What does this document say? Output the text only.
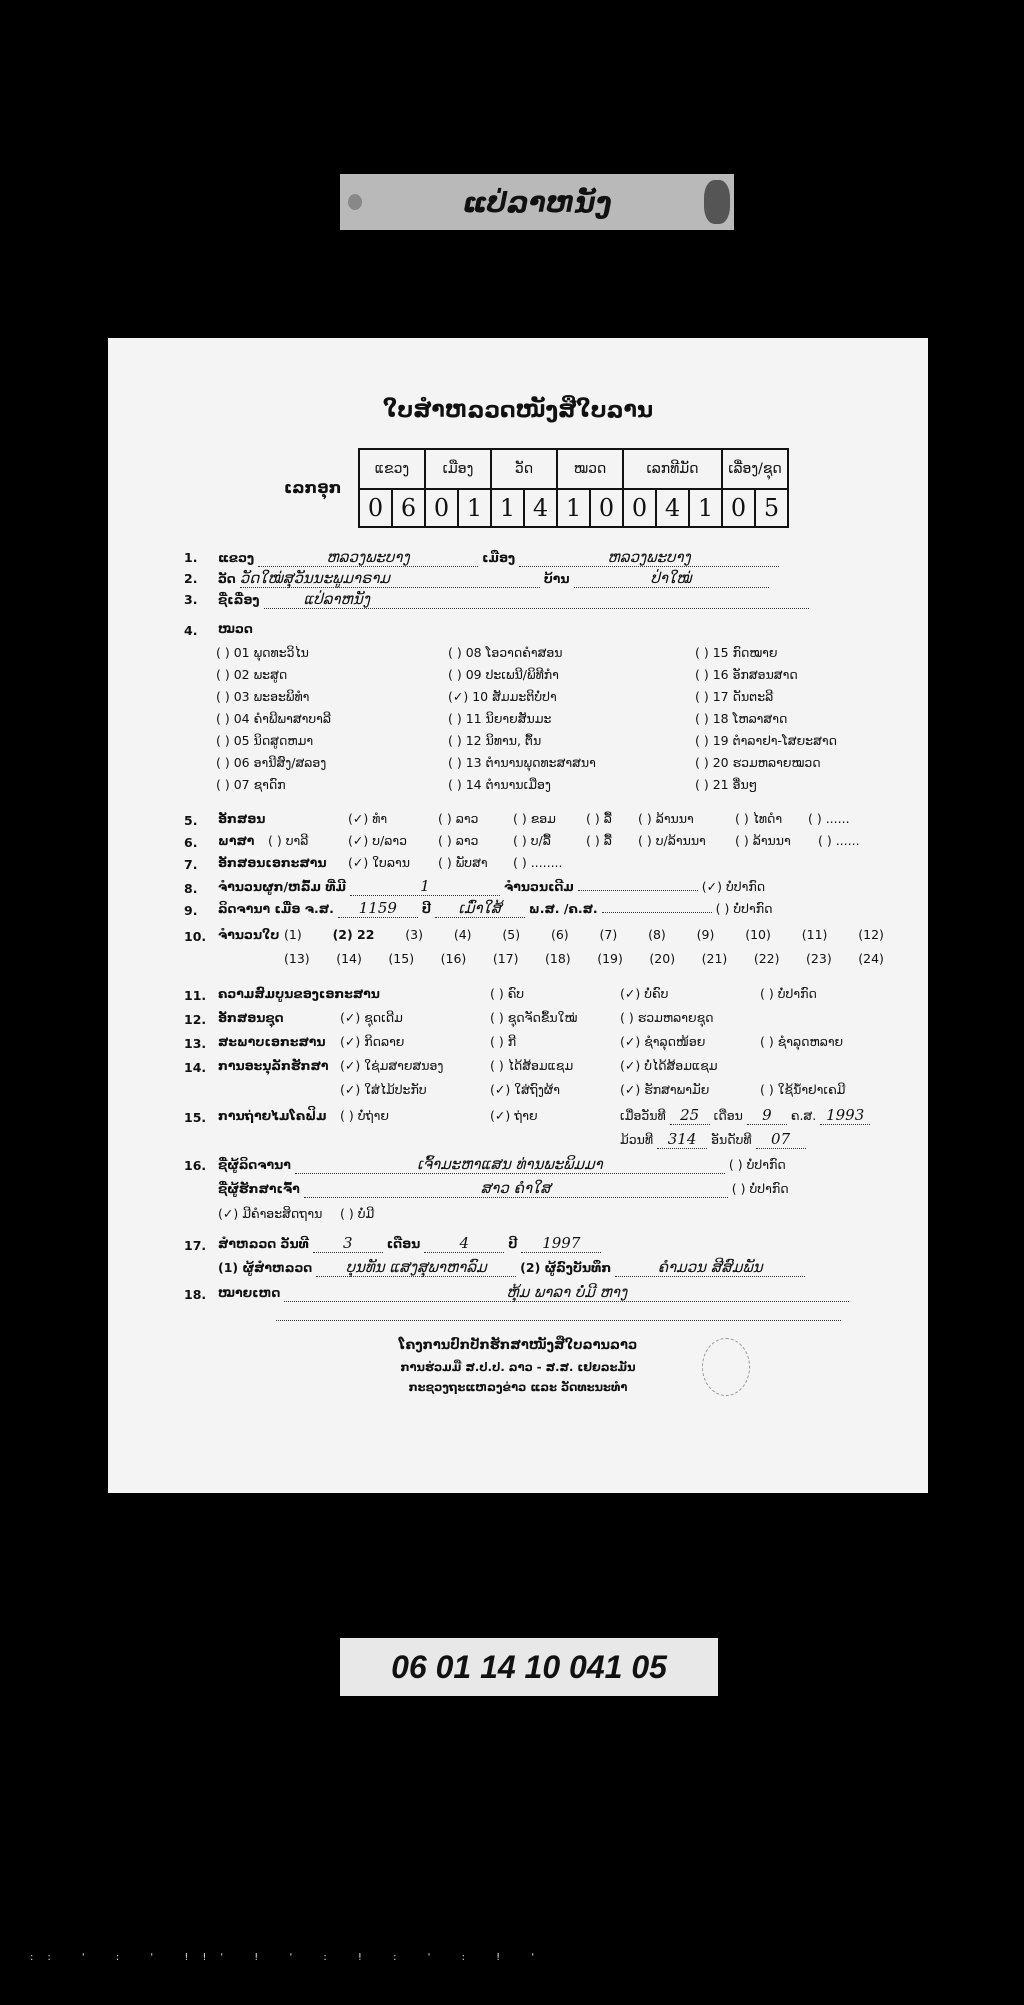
ແປ່ລາຫນັງ
ໃບສຳຫລວດໜັງສືໃບລານ
ເລກອຸກ
ແຂວງ		ເມືອງ		ວັດ		ໝວດ		ເລກທີມັດ			ເລື່ອງ/ຊຸດ	
0	6	0	1	1	4	1	0	0	4	1	0	5
1. ແຂວງ	ຫລວງພະບາງ	ເມືອງ	ຫລວງພະບາງ
2. ວັດ ວັດໃໝ່ສຸວັນນະພູມາຣາມ	ບ້ານ	ປ່າໃໝ່
3. ຊື່ເລື່ອງ	ແປ່ລາຫນັງ
4. ໝວດ
( ) 01 ພຸດທະວິໄນ	( ) 08 ໂອວາດຄຳສອນ	( ) 15 ກົດໝາຍ
( ) 02 ພະສູດ	( ) 09 ປະເພນີ/ພິທີກຳ	( ) 16 ອັກສອນສາດ
( ) 03 ພະອະພິທຳ	(✓) 10 ສັມມະຕິບໍ່ປາ	( ) 17 ດັນຕະລີ
( ) 04 ຄຳພີພາສາບາລີ	( ) 11 ນິຍາຍສັນມະ	( ) 18 ໂຫລາສາດ
( ) 05 ນິດສູດຫມາ	( ) 12 ນິທານ, ຕຶ້ນ	( ) 19 ຕຳລາຢາ-ໂສຍະສາດ
( ) 06 ອານີສົງ/ສລອງ	( ) 13 ຕຳນານພຸດທະສາສນາ	( ) 20 ຮວມຫລາຍໝວດ
( ) 07 ຊາດົກ	( ) 14 ຕຳນານເມືອງ	( ) 21 ອື່ນໆ
5. ອັກສອນ	(✓) ທຳ	( ) ລາວ	( ) ຂອມ ( ) ລື້ ( ) ລ້ານນາ	( ) ໄທດຳ ( ) ......
6. ພາສາ ( ) ບາລີ	(✓) ບ/ລາວ ( ) ລາວ	( ) ບ/ລື້	( ) ລື້ ( ) ບ/ລ້ານນາ ( ) ລ້ານນາ ( ) ......
7. ອັກສອນເອກະສານ (✓) ໃບລານ ( ) ພັບສາ ( ) ........
8. ຈຳນວນຜູກ/ຫລົ້ມ ທີ່ມີ	1	ຈຳນວນເດີມ	(✓) ບໍ່ປາກົດ
9. ລິດຈານາ ເມື່ອ ຈ.ສ. 1159 ປີ ເມົ່າໃສ້ ພ.ສ. /ຄ.ສ.	( ) ບໍ່ປາກົດ
10. ຈຳນວນໃບ (1) (2) 22 (3) (4) (5) (6) (7) (8) (9) (10) (11) (12)
(13) (14) (15) (16) (17) (18) (19) (20) (21) (22) (23) (24)
11. ຄວາມສົມບູນຂອງເອກະສານ	( ) ຄົບ	(✓) ບໍ່ຄົບ	( ) ບໍ່ປາກົດ
12. ອັກສອນຊຸດ	(✓) ຊຸດເດີມ	( ) ຊຸດຈັດຂຶ້ນໃໝ່	( ) ຮວມຫລາຍຊຸດ
13. ສະພາບເອກະສານ (✓) ກິດລາຍ	( ) ກີ	(✓) ຊຳລຸດໜ້ອຍ	( ) ຊຳລຸດຫລາຍ
14. ການອະນຸລັກຮັກສາ (✓) ໃຊ່ມສາຍສນອງ	( ) ໄດ້ສ້ອມແຊມ	(✓) ບໍ່ໄດ້ສ້ອມແຊມ
(✓) ໃສ່ໄມ້ປະກັບ	(✓) ໃສ່ຖົງຜ້າ	(✓) ຮັກສາພາມັຍ	( ) ໃຊ້ນ້ຳຢາເຄມີ
15. ການຖ່າຍໄມໂຄຟິມ ( ) ບໍ່ຖ່າຍ	(✓) ຖ່າຍ	ເມື່ອວັນທີ 25 ເດືອນ 9 ຄ.ສ. 1993
ມ້ວນທີ 314 ອັນດັບທີ 07
16. ຊື່ຜູ້ລິດຈານາ	ເຈົ້າມະຫາແສນ ທ່ານພະພິມມາ	( ) ບໍ່ປາກົດ
ຊື່ຜູ້ຮັກສາເຈົ້າ	ສາວ ຄຳໃສ	( ) ບໍ່ປາກົດ
(✓) ມີຄໍາອະສິດຖານ ( ) ບໍ່ມີ
17. ສຳຫລວດ ວັນທີ 3	ເດືອນ	4	ປີ 1997
(1) ຜູ້ສຳຫລວດ ບຸນທັນ ແສງສຸພາຫາລົມ	(2) ຜູ້ລົງບັນທຶກ	ຄຳມວນ ສີສົມພັນ
18. ໝາຍເຫດ	ຫຸ້ມ ພາລາ ບໍ່ມີ ຫາງ
ໂຄງການປົກປັກຮັກສາໜັງສືໃບລານລາວ
ການຮ່ວມມື ສ.ປ.ປ. ລາວ - ສ.ສ. ເຢຍລະມັນ
ກະຊວງຖະແຫລງຂ່າວ ແລະ ວັດທະນະທຳ
06 01 14 10 041 05
:: ' : ' !!' ! ' : ! : ' : ! '
